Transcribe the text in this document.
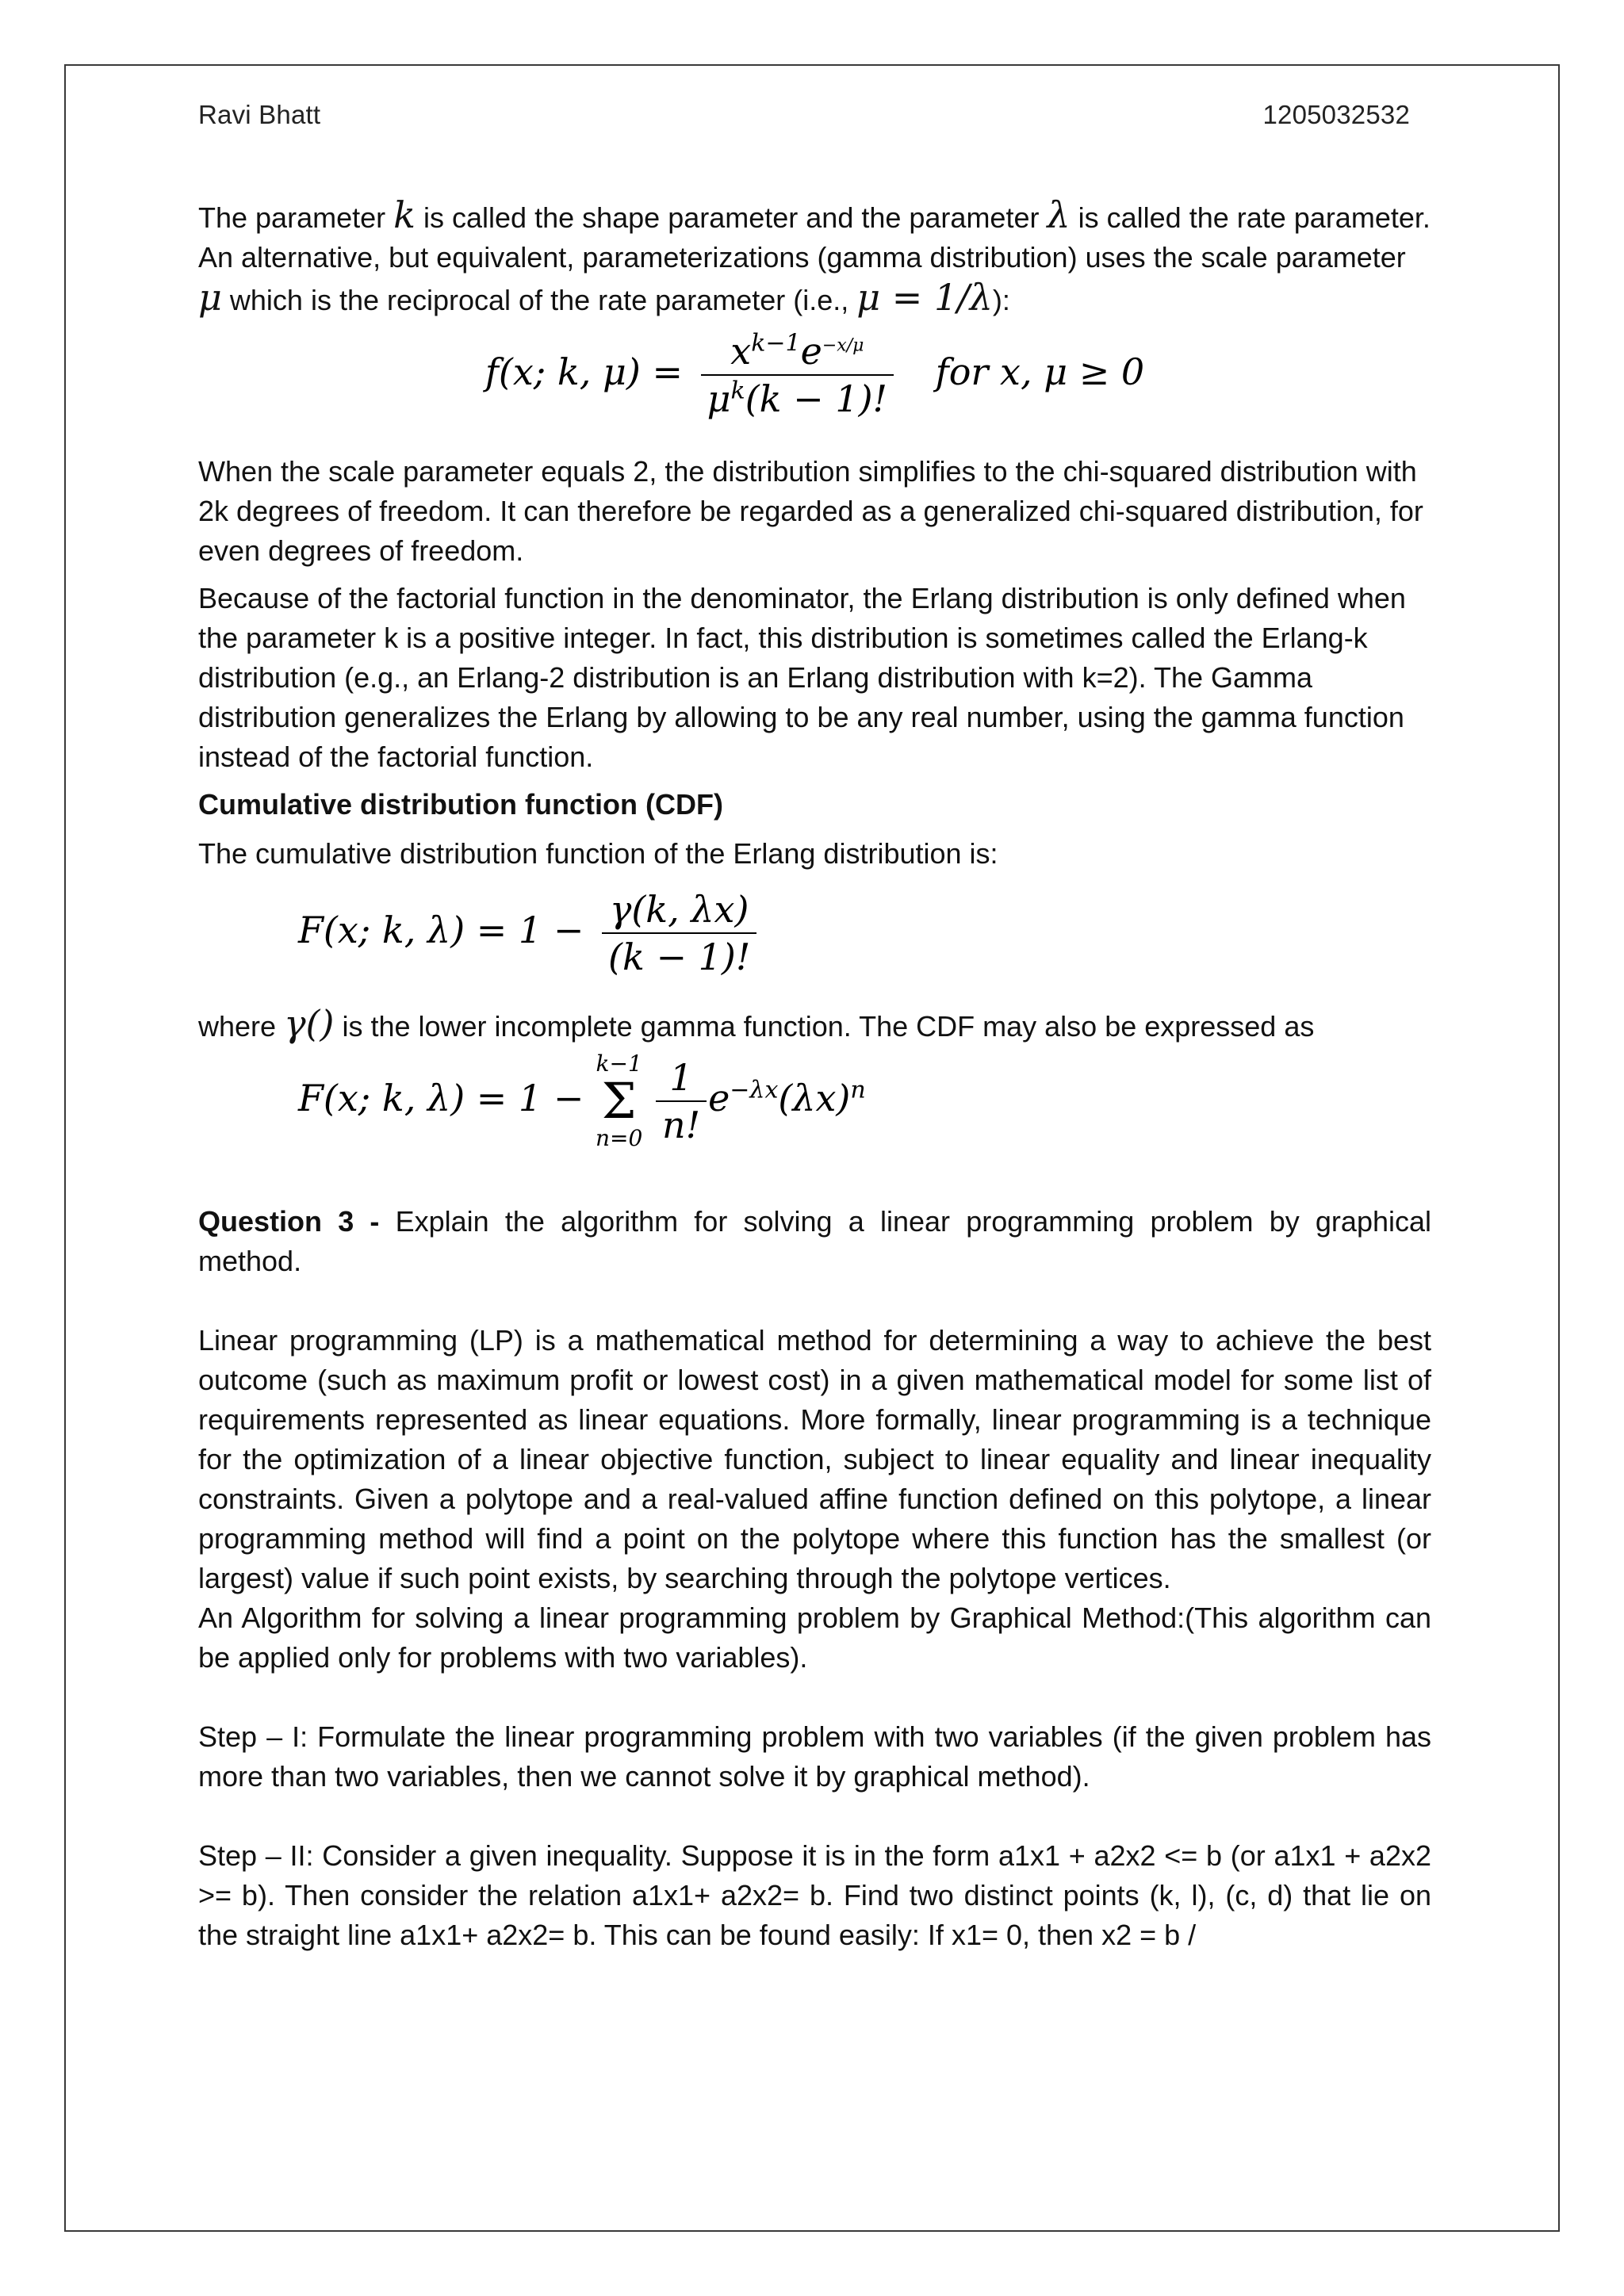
Ravi Bhatt	1205032532

The parameter k is called the shape parameter and the parameter λ is called the rate parameter. An alternative, but equivalent, parameterizations (gamma distribution) uses the scale parameter μ which is the reciprocal of the rate parameter (i.e., μ = 1/λ):

f(x; k, $\mu) = \frac{x^{k-1}e^{-x/\mu}}{\mu^k(k - 1)!}$ for x, μ ≥ 0

When the scale parameter equals 2, the distribution simplifies to the chi-squared distribution with 2k degrees of freedom. It can therefore be regarded as a generalized chi-squared distribution, for even degrees of freedom.

Because of the factorial function in the denominator, the Erlang distribution is only defined when the parameter k is a positive integer. In fact, this distribution is sometimes called the Erlang-k distribution (e.g., an Erlang-2 distribution is an Erlang distribution with k=2). The Gamma distribution generalizes the Erlang by allowing to be any real number, using the gamma function instead of the factorial function.

Cumulative distribution function (CDF)

The cumulative distribution function of the Erlang distribution is:

F(x; k, $\lambda) = 1 - \frac{\gamma(k, \lambda x)}{(k - 1)!}$

where γ() is the lower incomplete gamma function. The CDF may also be expressed as

F(x; k, λ) = 1 −
k−1
Σ
n=0
$\frac{1}{n!} e^{-\lambda x}(\lambda x)^n$

Question 3 - Explain the algorithm for solving a linear programming problem by graphical method.

Linear programming (LP) is a mathematical method for determining a way to achieve the best outcome (such as maximum profit or lowest cost) in a given mathematical model for some list of requirements represented as linear equations. More formally, linear programming is a technique for the optimization of a linear objective function, subject to linear equality and linear inequality constraints. Given a polytope and a real-valued affine function defined on this polytope, a linear programming method will find a point on the polytope where this function has the smallest (or largest) value if such point exists, by searching through the polytope vertices.

An Algorithm for solving a linear programming problem by Graphical Method:(This algorithm can be applied only for problems with two variables).

Step – I: Formulate the linear programming problem with two variables (if the given problem has more than two variables, then we cannot solve it by graphical method).

Step – II: Consider a given inequality. Suppose it is in the form a1x1 + a2x2 <= b (or a1x1 + a2x2 >= b). Then consider the relation a1x1+ a2x2= b. Find two distinct points (k, l), (c, d) that lie on the straight line a1x1+ a2x2= b. This can be found easily: If x1= 0, then x2 = b /
